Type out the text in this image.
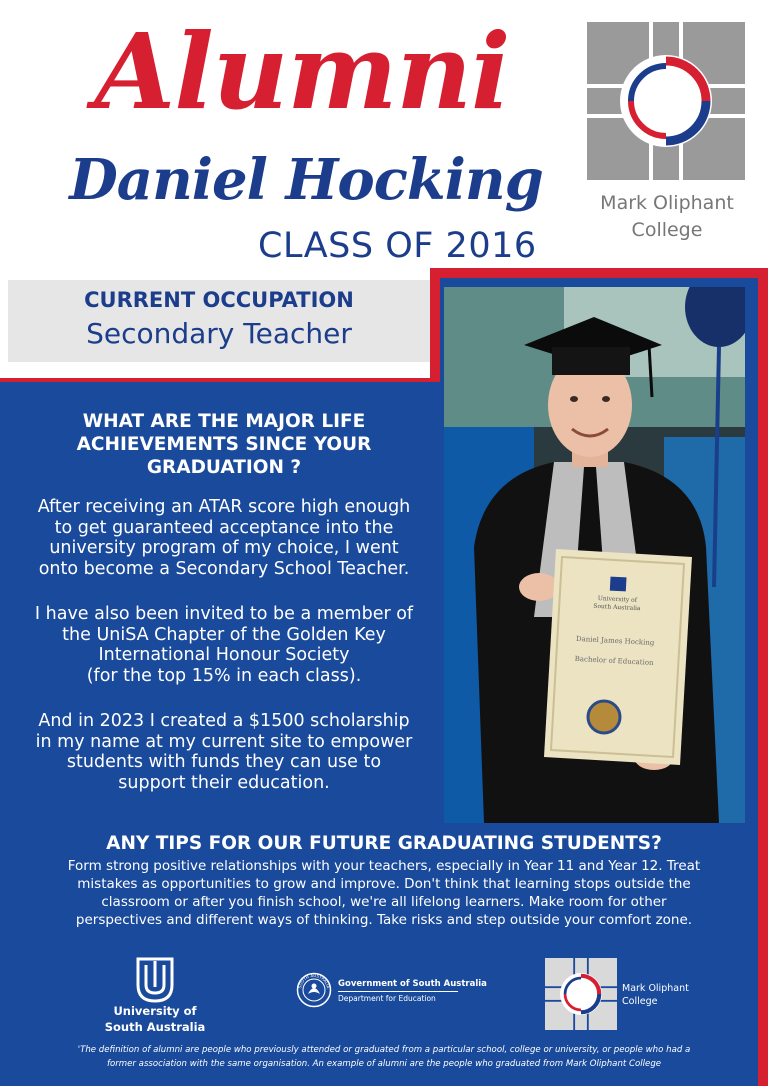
Alumni
Daniel Hocking
CLASS OF 2016
Mark Oliphant College
CURRENT OCCUPATION
Secondary Teacher
University of
South Australia
Daniel James Hocking
Bachelor of Education
WHAT ARE THE MAJOR LIFE
ACHIEVEMENTS SINCE YOUR
GRADUATION ?
After receiving an ATAR score high enough
to get guaranteed acceptance into the
university program of my choice, I went
onto become a Secondary School Teacher.
I have also been invited to be a member of
the UniSA Chapter of the Golden Key
International Honour Society
(for the top 15% in each class).
And in 2023 I created a $1500 scholarship
in my name at my current site to empower
students with funds they can use to
support their education.
ANY TIPS FOR OUR FUTURE GRADUATING STUDENTS?
Form strong positive relationships with your teachers, especially in Year 11 and Year 12. Treat
mistakes as opportunities to grow and improve. Don't think that learning stops outside the
classroom or after you finish school, we're all lifelong learners. Make room for other
perspectives and different ways of thinking. Take risks and step outside your comfort zone.
University of
South Australia
SOUTH AUSTRALIA Government of South Australia
Department for Education
Mark Oliphant
College
'The definition of alumni are people who previously attended or graduated from a particular school, college or university, or people who had a
former association with the same organisation. An example of alumni are the people who graduated from Mark Oliphant College
